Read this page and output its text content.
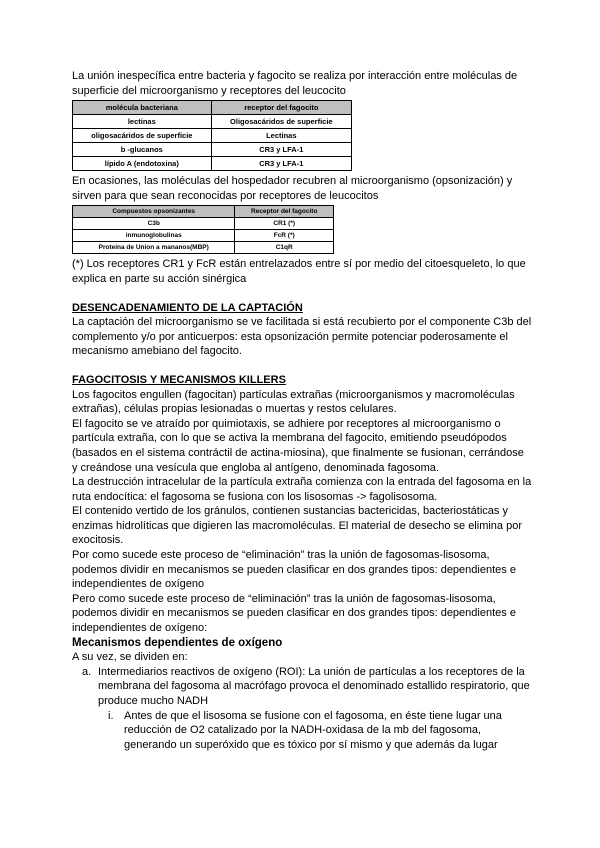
La unión inespecífica entre bacteria y fagocito se realiza por interacción entre moléculas de superficie del microorganismo y receptores del leucocito

molécula bacteriana	receptor del fagocito
lectinas	Oligosacáridos de superficie
oligosacáridos de superficie	Lectinas
b -glucanos	CR3 y LFA-1
lípido A (endotoxina)	CR3 y LFA-1

En ocasiones, las moléculas del hospedador recubren al microorganismo (opsonización) y sirven para que sean reconocidas por receptores de leucocitos

Compuestos opsonizantes	Receptor del fagocito
C3b	CR1 (*)
inmunoglobulinas	FcR (*)
Proteína de Union a mananos(MBP)	C1qR

(*) Los receptores CR1 y FcR están entrelazados entre sí por medio del citoesqueleto, lo que explica en parte su acción sinérgica

DESENCADENAMIENTO DE LA CAPTACIÓN

La captación del microorganismo se ve facilitada si está recubierto por el componente C3b del complemento y/o por anticuerpos: esta opsonización permite potenciar poderosamente el mecanismo amebiano del fagocito.

FAGOCITOSIS Y MECANISMOS KILLERS

Los fagocitos engullen (fagocitan) partículas extrañas (microorganismos y macromoléculas extrañas), células propias lesionadas o muertas y restos celulares.

El fagocito se ve atraído por quimiotaxis, se adhiere por receptores al microorganismo o partícula extraña, con lo que se activa la membrana del fagocito, emitiendo pseudópodos (basados en el sistema contráctil de actina-miosina), que finalmente se fusionan, cerrándose y creándose una vesícula que engloba al antígeno, denominada fagosoma.

La destrucción intracelular de la partícula extraña comienza con la entrada del fagosoma en la ruta endocítica: el fagosoma se fusiona con los lisosomas -> fagolisosoma.

El contenido vertido de los gránulos, contienen sustancias bactericidas, bacteriostáticas y enzimas hidrolíticas que digieren las macromoléculas. El material de desecho se elimina por exocitosis.

Por como sucede este proceso de “eliminación” tras la unión de fagosomas-lisosoma, podemos dividir en mecanismos se pueden clasificar en dos grandes tipos: dependientes e independientes de oxígeno

Pero como sucede este proceso de “eliminación” tras la unión de fagosomas-lisosoma, podemos dividir en mecanismos se pueden clasificar en dos grandes tipos: dependientes e independientes de oxígeno:

Mecanismos dependientes de oxígeno

A su vez, se dividen en:

a. Intermediarios reactivos de oxígeno (ROI): La unión de partículas a los receptores de la membrana del fagosoma al macrófago provoca el denominado estallido respiratorio, que produce mucho NADH

i. Antes de que el lisosoma se fusione con el fagosoma, en éste tiene lugar una reducción de O2 catalizado por la NADH-oxidasa de la mb del fagosoma, generando un superóxido que es tóxico por sí mismo y que además da lugar
